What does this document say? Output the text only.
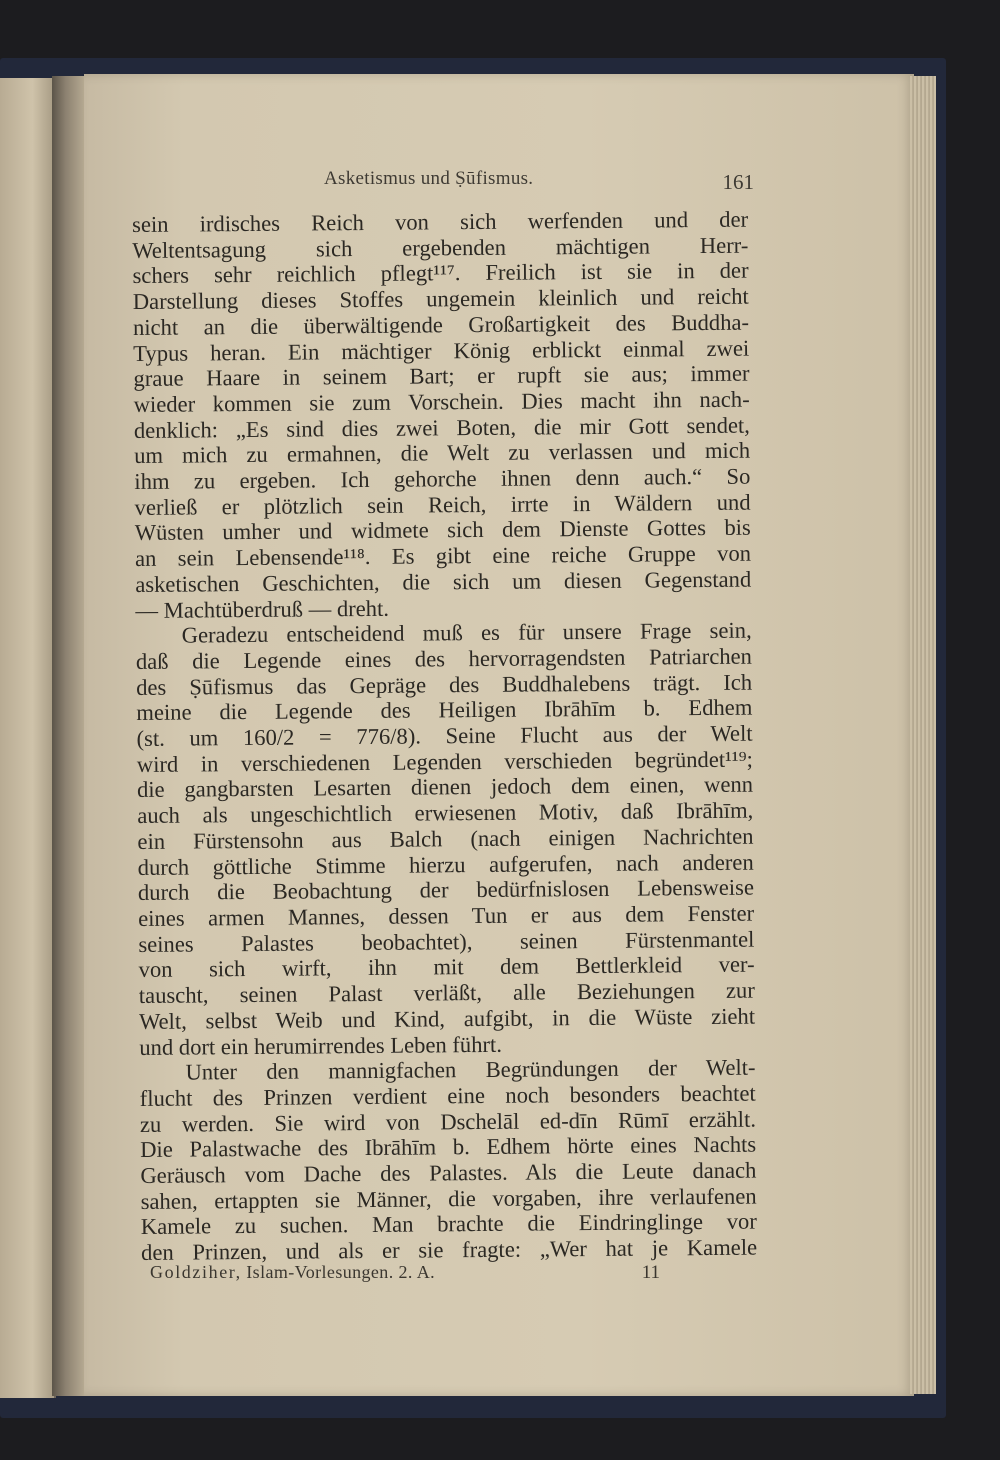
Asketismus und Ṣūfismus.	161
sein irdisches Reich von sich werfenden und der
Weltentsagung sich ergebenden mächtigen Herr-
schers sehr reichlich pflegt¹¹⁷. Freilich ist sie in der
Darstellung dieses Stoffes ungemein kleinlich und reicht
nicht an die überwältigende Großartigkeit des Buddha-
Typus heran. Ein mächtiger König erblickt einmal zwei
graue Haare in seinem Bart; er rupft sie aus; immer
wieder kommen sie zum Vorschein. Dies macht ihn nach-
denklich: „Es sind dies zwei Boten, die mir Gott sendet,
um mich zu ermahnen, die Welt zu verlassen und mich
ihm zu ergeben. Ich gehorche ihnen denn auch.“ So
verließ er plötzlich sein Reich, irrte in Wäldern und
Wüsten umher und widmete sich dem Dienste Gottes bis
an sein Lebensende¹¹⁸. Es gibt eine reiche Gruppe von
asketischen Geschichten, die sich um diesen Gegenstand
— Machtüberdruß — dreht.
Geradezu entscheidend muß es für unsere Frage sein,
daß die Legende eines des hervorragendsten Patriarchen
des Ṣūfismus das Gepräge des Buddhalebens trägt. Ich
meine die Legende des Heiligen Ibrāhīm b. Edhem
(st. um 160/2 = 776/8). Seine Flucht aus der Welt
wird in verschiedenen Legenden verschieden begründet¹¹⁹;
die gangbarsten Lesarten dienen jedoch dem einen, wenn
auch als ungeschichtlich erwiesenen Motiv, daß Ibrāhīm,
ein Fürstensohn aus Balch (nach einigen Nachrichten
durch göttliche Stimme hierzu aufgerufen, nach anderen
durch die Beobachtung der bedürfnislosen Lebensweise
eines armen Mannes, dessen Tun er aus dem Fenster
seines Palastes beobachtet), seinen Fürstenmantel
von sich wirft, ihn mit dem Bettlerkleid ver-
tauscht, seinen Palast verläßt, alle Beziehungen zur
Welt, selbst Weib und Kind, aufgibt, in die Wüste zieht
und dort ein herumirrendes Leben führt.
Unter den mannigfachen Begründungen der Welt-
flucht des Prinzen verdient eine noch besonders beachtet
zu werden. Sie wird von Dschelāl ed-dīn Rūmī erzählt.
Die Palastwache des Ibrāhīm b. Edhem hörte eines Nachts
Geräusch vom Dache des Palastes. Als die Leute danach
sahen, ertappten sie Männer, die vorgaben, ihre verlaufenen
Kamele zu suchen. Man brachte die Eindringlinge vor
den Prinzen, und als er sie fragte: „Wer hat je Kamele
Goldziher, Islam-Vorlesungen. 2. A.	11
